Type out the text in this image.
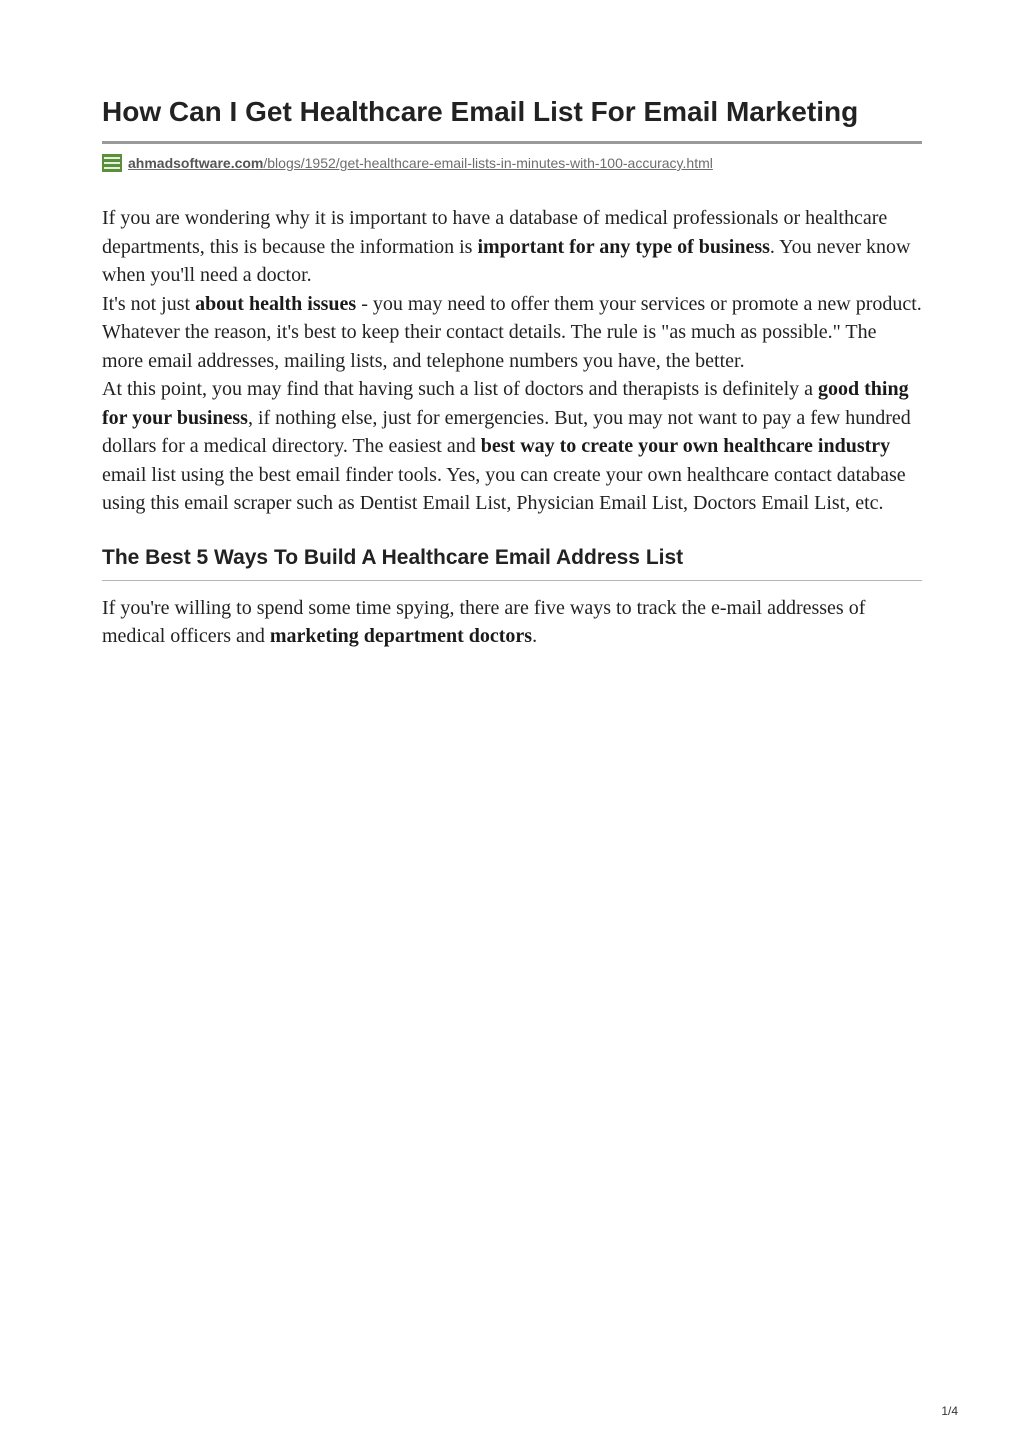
How Can I Get Healthcare Email List For Email Marketing
ahmadsoftware.com/blogs/1952/get-healthcare-email-lists-in-minutes-with-100-accuracy.html

If you are wondering why it is important to have a database of medical professionals or healthcare departments, this is because the information is important for any type of business. You never know when you'll need a doctor.

It's not just about health issues - you may need to offer them your services or promote a new product. Whatever the reason, it's best to keep their contact details. The rule is "as much as possible." The more email addresses, mailing lists, and telephone numbers you have, the better.

At this point, you may find that having such a list of doctors and therapists is definitely a good thing for your business, if nothing else, just for emergencies. But, you may not want to pay a few hundred dollars for a medical directory. The easiest and best way to create your own healthcare industry email list using the best email finder tools. Yes, you can create your own healthcare contact database using this email scraper such as Dentist Email List, Physician Email List, Doctors Email List, etc.

The Best 5 Ways To Build A Healthcare Email Address List

If you're willing to spend some time spying, there are five ways to track the e-mail addresses of medical officers and marketing department doctors.

1/4
